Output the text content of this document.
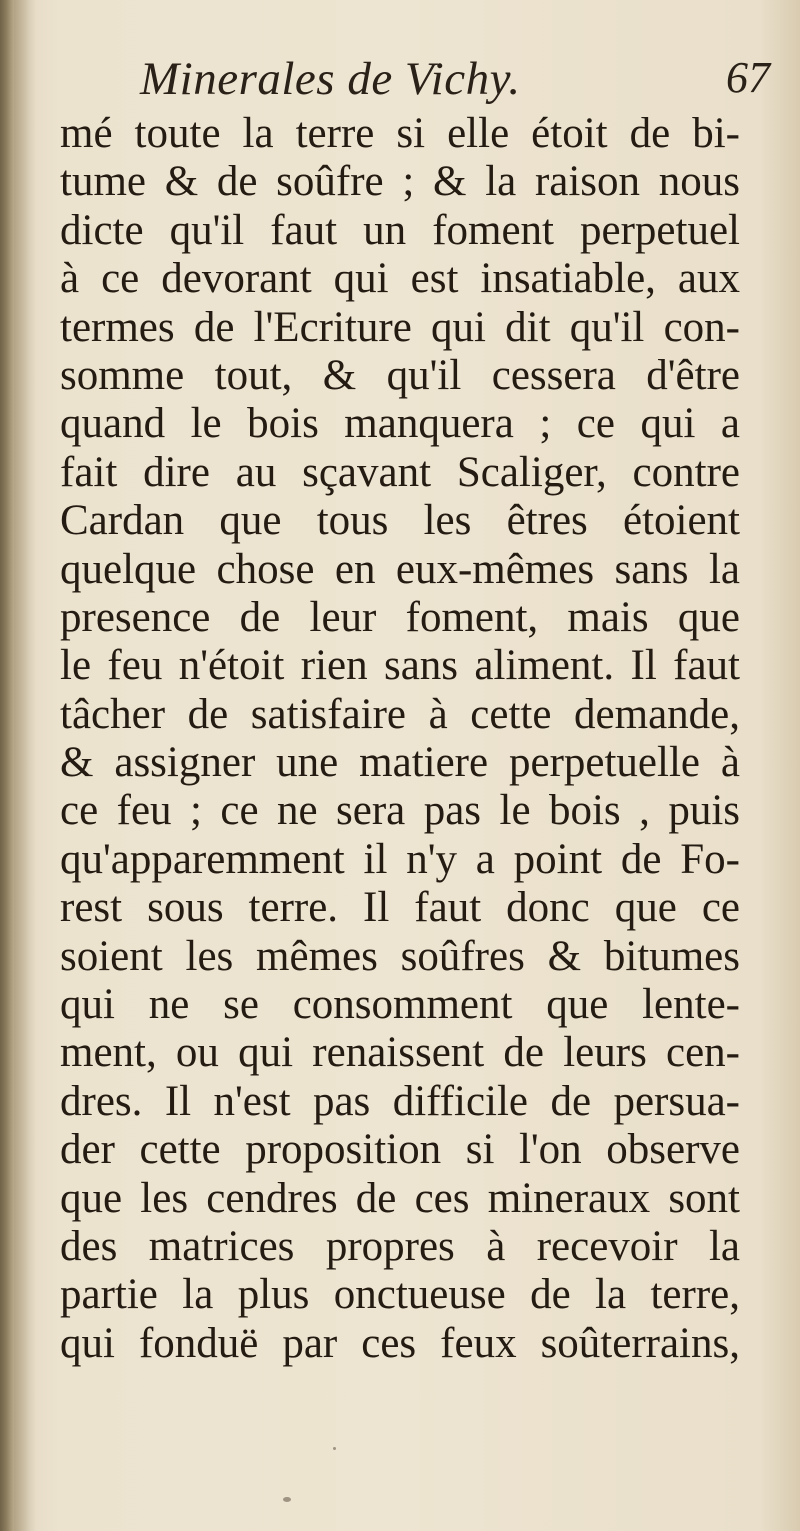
Minerales de Vichy.	67
mé toute la terre si elle étoit de bi-
tume & de soûfre ; & la raison nous
dicte qu'il faut un foment perpetuel
à ce devorant qui est insatiable, aux
termes de l'Ecriture qui dit qu'il con-
somme tout, & qu'il cessera d'être
quand le bois manquera ; ce qui a
fait dire au sçavant Scaliger, contre
Cardan que tous les êtres étoient
quelque chose en eux-mêmes sans la
presence de leur foment, mais que
le feu n'étoit rien sans aliment. Il faut
tâcher de satisfaire à cette demande,
& assigner une matiere perpetuelle à
ce feu ; ce ne sera pas le bois , puis
qu'apparemment il n'y a point de Fo-
rest sous terre. Il faut donc que ce
soient les mêmes soûfres & bitumes
qui ne se consomment que lente-
ment, ou qui renaissent de leurs cen-
dres. Il n'est pas difficile de persua-
der cette proposition si l'on observe
que les cendres de ces mineraux sont
des matrices propres à recevoir la
partie la plus onctueuse de la terre,
qui fonduë par ces feux soûterrains,
